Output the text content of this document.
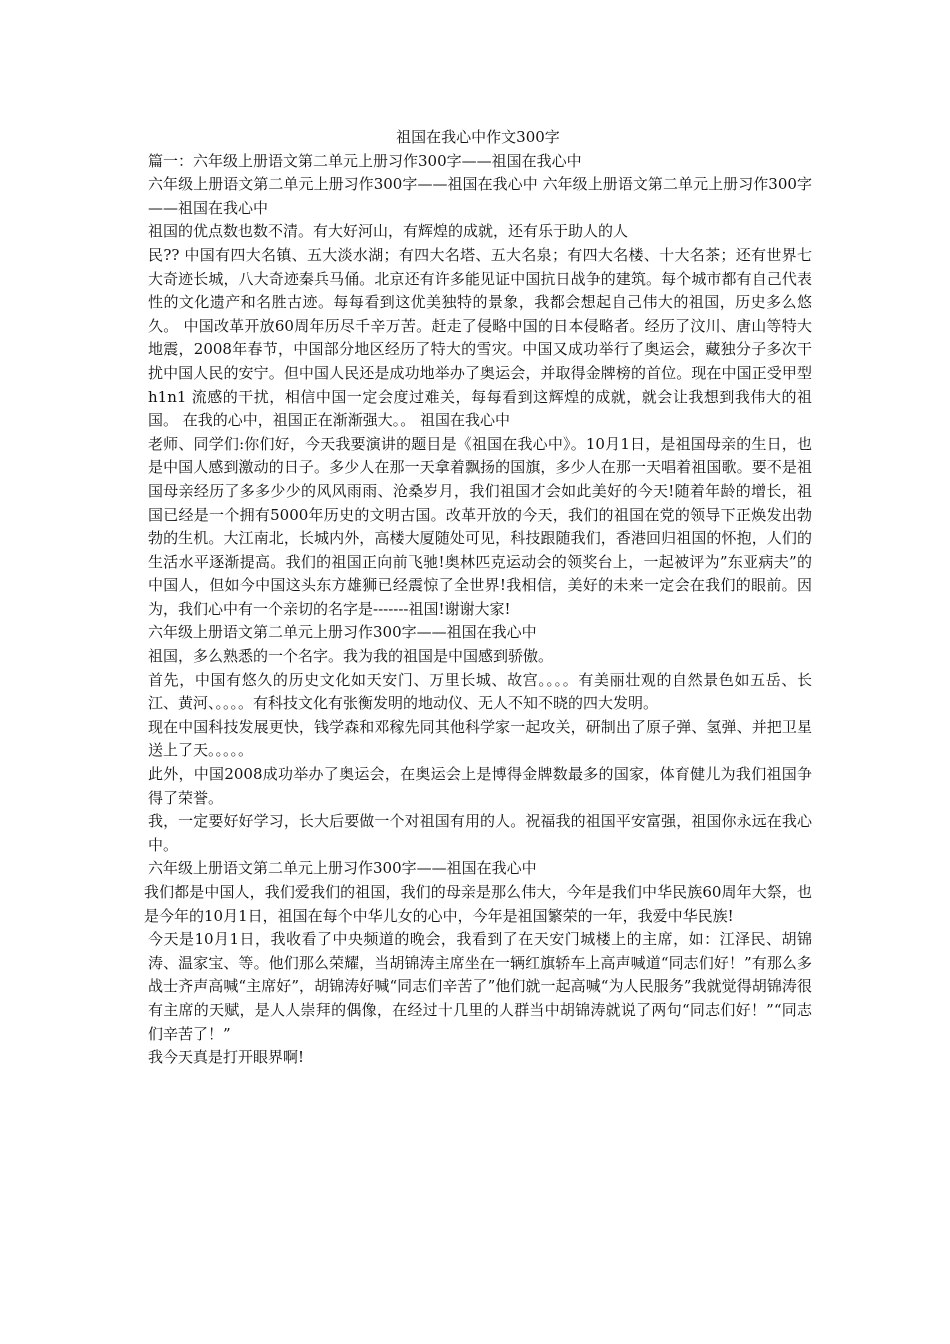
祖国在我心中作文300字

篇一：六年级上册语文第二单元上册习作300字——祖国在我心中

六年级上册语文第二单元上册习作300字——祖国在我心中 六年级上册语文第二单元上册习作300字——祖国在我心中

祖国的优点数也数不清。有大好河山，有辉煌的成就，还有乐于助人的人

民?? 中国有四大名镇、五大淡水湖；有四大名塔、五大名泉；有四大名楼、十大名茶；还有世界七大奇迹长城，八大奇迹秦兵马俑。北京还有许多能见证中国抗日战争的建筑。每个城市都有自己代表性的文化遗产和名胜古迹。每每看到这优美独特的景象，我都会想起自己伟大的祖国，历史多么悠久。 中国改革开放60周年历尽千辛万苦。赶走了侵略中国的日本侵略者。经历了汶川、唐山等特大地震，2008年春节，中国部分地区经历了特大的雪灾。中国又成功举行了奥运会，藏独分子多次干扰中国人民的安宁。但中国人民还是成功地举办了奥运会，并取得金牌榜的首位。现在中国正受甲型 h1n1 流感的干扰，相信中国一定会度过难关，每每看到这辉煌的成就，就会让我想到我伟大的祖国。 在我的心中，祖国正在渐渐强大。。 祖国在我心中

老师、同学们:你们好，今天我要演讲的题目是《祖国在我心中》。10月1日，是祖国母亲的生日，也是中国人感到激动的日子。多少人在那一天拿着飘扬的国旗，多少人在那一天唱着祖国歌。要不是祖国母亲经历了多多少少的风风雨雨、沧桑岁月，我们祖国才会如此美好的今天!随着年龄的增长，祖国已经是一个拥有5000年历史的文明古国。改革开放的今天，我们的祖国在党的领导下正焕发出勃勃的生机。大江南北，长城内外，高楼大厦随处可见，科技跟随我们，香港回归祖国的怀抱，人们的生活水平逐渐提高。我们的祖国正向前飞驰!奥林匹克运动会的领奖台上，一起被评为”东亚病夫”的中国人，但如今中国这头东方雄狮已经震惊了全世界!我相信，美好的未来一定会在我们的眼前。因为，我们心中有一个亲切的名字是-------祖国!谢谢大家!

六年级上册语文第二单元上册习作300字——祖国在我心中

祖国，多么熟悉的一个名字。我为我的祖国是中国感到骄傲。

首先，中国有悠久的历史文化如天安门、万里长城、故宫。。。。有美丽壮观的自然景色如五岳、长江、黄河、。。。。有科技文化有张衡发明的地动仪、无人不知不晓的四大发明。

现在中国科技发展更快，钱学森和邓稼先同其他科学家一起攻关，研制出了原子弹、氢弹、并把卫星送上了天。。。。。

此外，中国2008成功举办了奥运会，在奥运会上是博得金牌数最多的国家，体育健儿为我们祖国争得了荣誉。

我，一定要好好学习，长大后要做一个对祖国有用的人。祝福我的祖国平安富强，祖国你永远在我心中。

六年级上册语文第二单元上册习作300字——祖国在我心中

我们都是中国人，我们爱我们的祖国，我们的母亲是那么伟大，今年是我们中华民族60周年大祭，也是今年的10月1日，祖国在每个中华儿女的心中，今年是祖国繁荣的一年，我爱中华民族!

今天是10月1日，我收看了中央频道的晚会，我看到了在天安门城楼上的主席，如：江泽民、胡锦涛、温家宝、等。他们那么荣耀，当胡锦涛主席坐在一辆红旗轿车上高声喊道“同志们好！”有那么多战士齐声高喊“主席好”，胡锦涛好喊“同志们辛苦了”他们就一起高喊“为人民服务”我就觉得胡锦涛很有主席的天赋，是人人崇拜的偶像，在经过十几里的人群当中胡锦涛就说了两句“同志们好！”“同志们辛苦了！”

我今天真是打开眼界啊!
